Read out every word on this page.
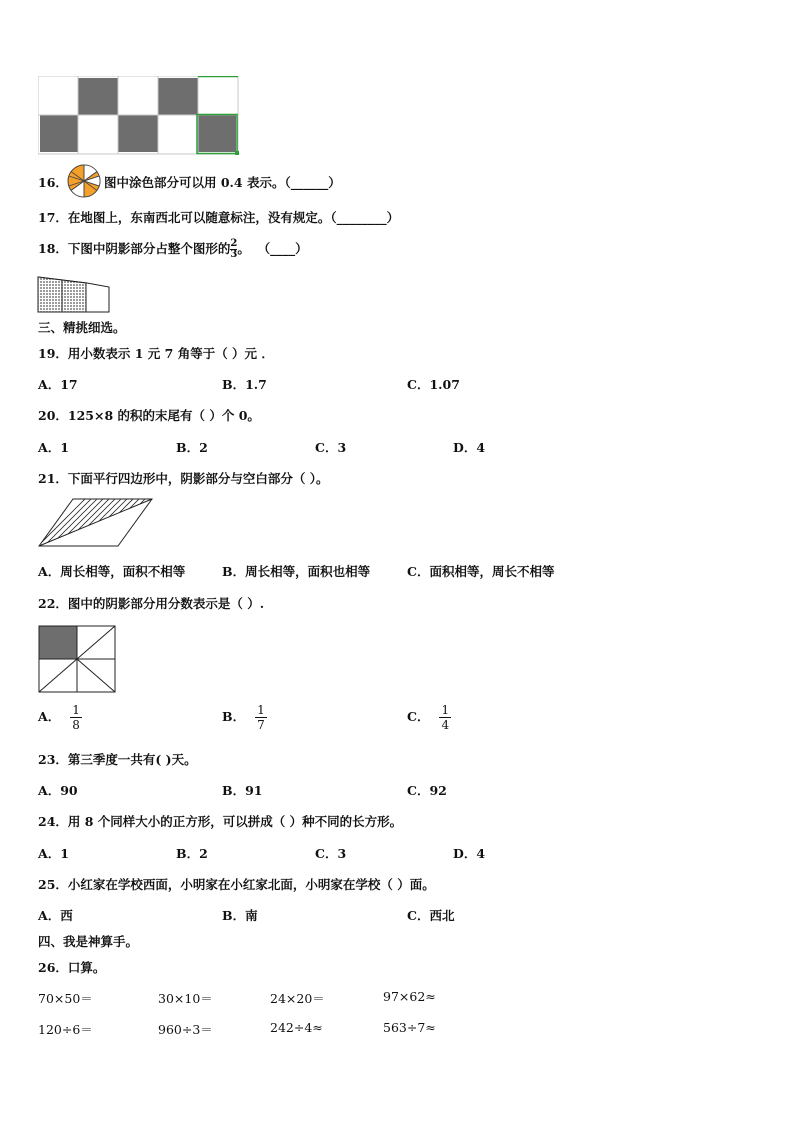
16．	图中涂色部分可以用 0.4 表示。（______）
17．在地图上，东南西北可以随意标注，没有规定。（________）
18．下图中阴影部分占整个图形的 $\frac{2}{3}$ 。 （____）
三、精挑细选。
19．用小数表示 1 元 7 角等于（ ）元 ．
A．17	B．1.7	C．1.07
20．125×8 的积的末尾有（ ）个 0。
A．1	B．2	C．3	D．4
21．下面平行四边形中，阴影部分与空白部分（ ）。
A．周长相等，面积不相等	B．周长相等，面积也相等	C．面积相等，周长不相等
22．图中的阴影部分用分数表示是（ ）.
A． $\frac{1}{8}$	B． $\frac{1}{7}$	C． $\frac{1}{4}$
23．第三季度一共有( )天。
A．90	B．91	C．92
24．用 8 个同样大小的正方形，可以拼成（ ）种不同的长方形。
A．1	B．2	C．3	D．4
25．小红家在学校西面，小明家在小红家北面，小明家在学校（ ）面。
A．西	B．南	C．西北
四、我是神算手。
26．口算。
70×50＝	30×10＝	24×20＝	97×62≈
120÷6＝	960÷3＝	242÷4≈	563÷7≈
